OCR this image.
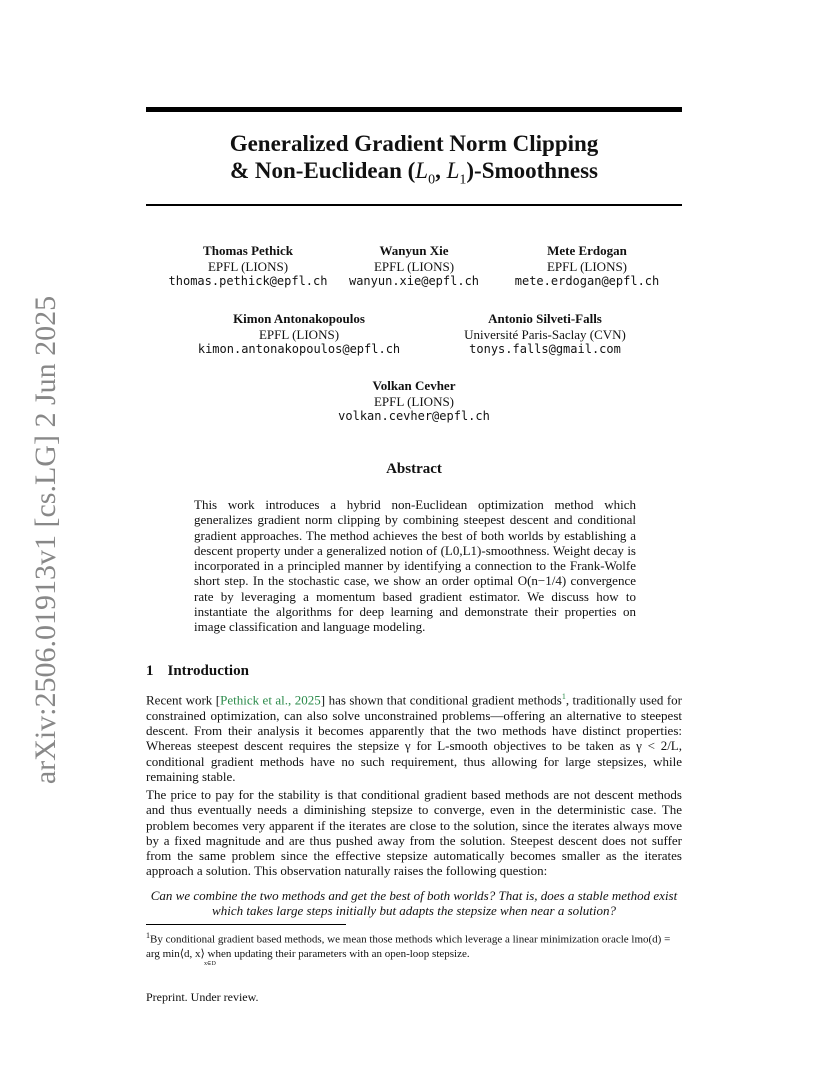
arXiv:2506.01913v1 [cs.LG] 2 Jun 2025
Generalized Gradient Norm Clipping
& Non-Euclidean ($L_0$, $L_1$)-Smoothness
Thomas Pethick
EPFL (LIONS)
thomas.pethick@epfl.ch
Wanyun Xie
EPFL (LIONS)
wanyun.xie@epfl.ch
Mete Erdogan
EPFL (LIONS)
mete.erdogan@epfl.ch
Kimon Antonakopoulos
EPFL (LIONS)
kimon.antonakopoulos@epfl.ch
Antonio Silveti-Falls
Université Paris-Saclay (CVN)
tonys.falls@gmail.com
Volkan Cevher
EPFL (LIONS)
volkan.cevher@epfl.ch
Abstract
This work introduces a hybrid non-Euclidean optimization method which generalizes gradient norm clipping by combining steepest descent and conditional gradient approaches. The method achieves the best of both worlds by establishing a descent property under a generalized notion of (L0,L1)-smoothness. Weight decay is incorporated in a principled manner by identifying a connection to the Frank-Wolfe short step. In the stochastic case, we show an order optimal O(n−1/4) convergence rate by leveraging a momentum based gradient estimator. We discuss how to instantiate the algorithms for deep learning and demonstrate their properties on image classification and language modeling.
1 Introduction
Recent work [Pethick et al., 2025] has shown that conditional gradient methods$^1$, traditionally used for constrained optimization, can also solve unconstrained problems—offering an alternative to steepest descent. From their analysis it becomes apparently that the two methods have distinct properties: Whereas steepest descent requires the stepsize γ for L-smooth objectives to be taken as γ < 2/L, conditional gradient methods have no such requirement, thus allowing for large stepsizes, while remaining stable.
The price to pay for the stability is that conditional gradient based methods are not descent methods and thus eventually needs a diminishing stepsize to converge, even in the deterministic case. The problem becomes very apparent if the iterates are close to the solution, since the iterates always move by a fixed magnitude and are thus pushed away from the solution. Steepest descent does not suffer from the same problem since the effective stepsize automatically becomes smaller as the iterates approach a solution. This observation naturally raises the following question:
Can we combine the two methods and get the best of both worlds? That is, does a stable method exist which takes large steps initially but adapts the stepsize when near a solution?
$^1$By conditional gradient based methods, we mean those methods which leverage a linear minimization oracle lmo(d) = arg min⟨d, x⟩ when updating their parameters with an open-loop stepsize.
x∈D
Preprint. Under review.
